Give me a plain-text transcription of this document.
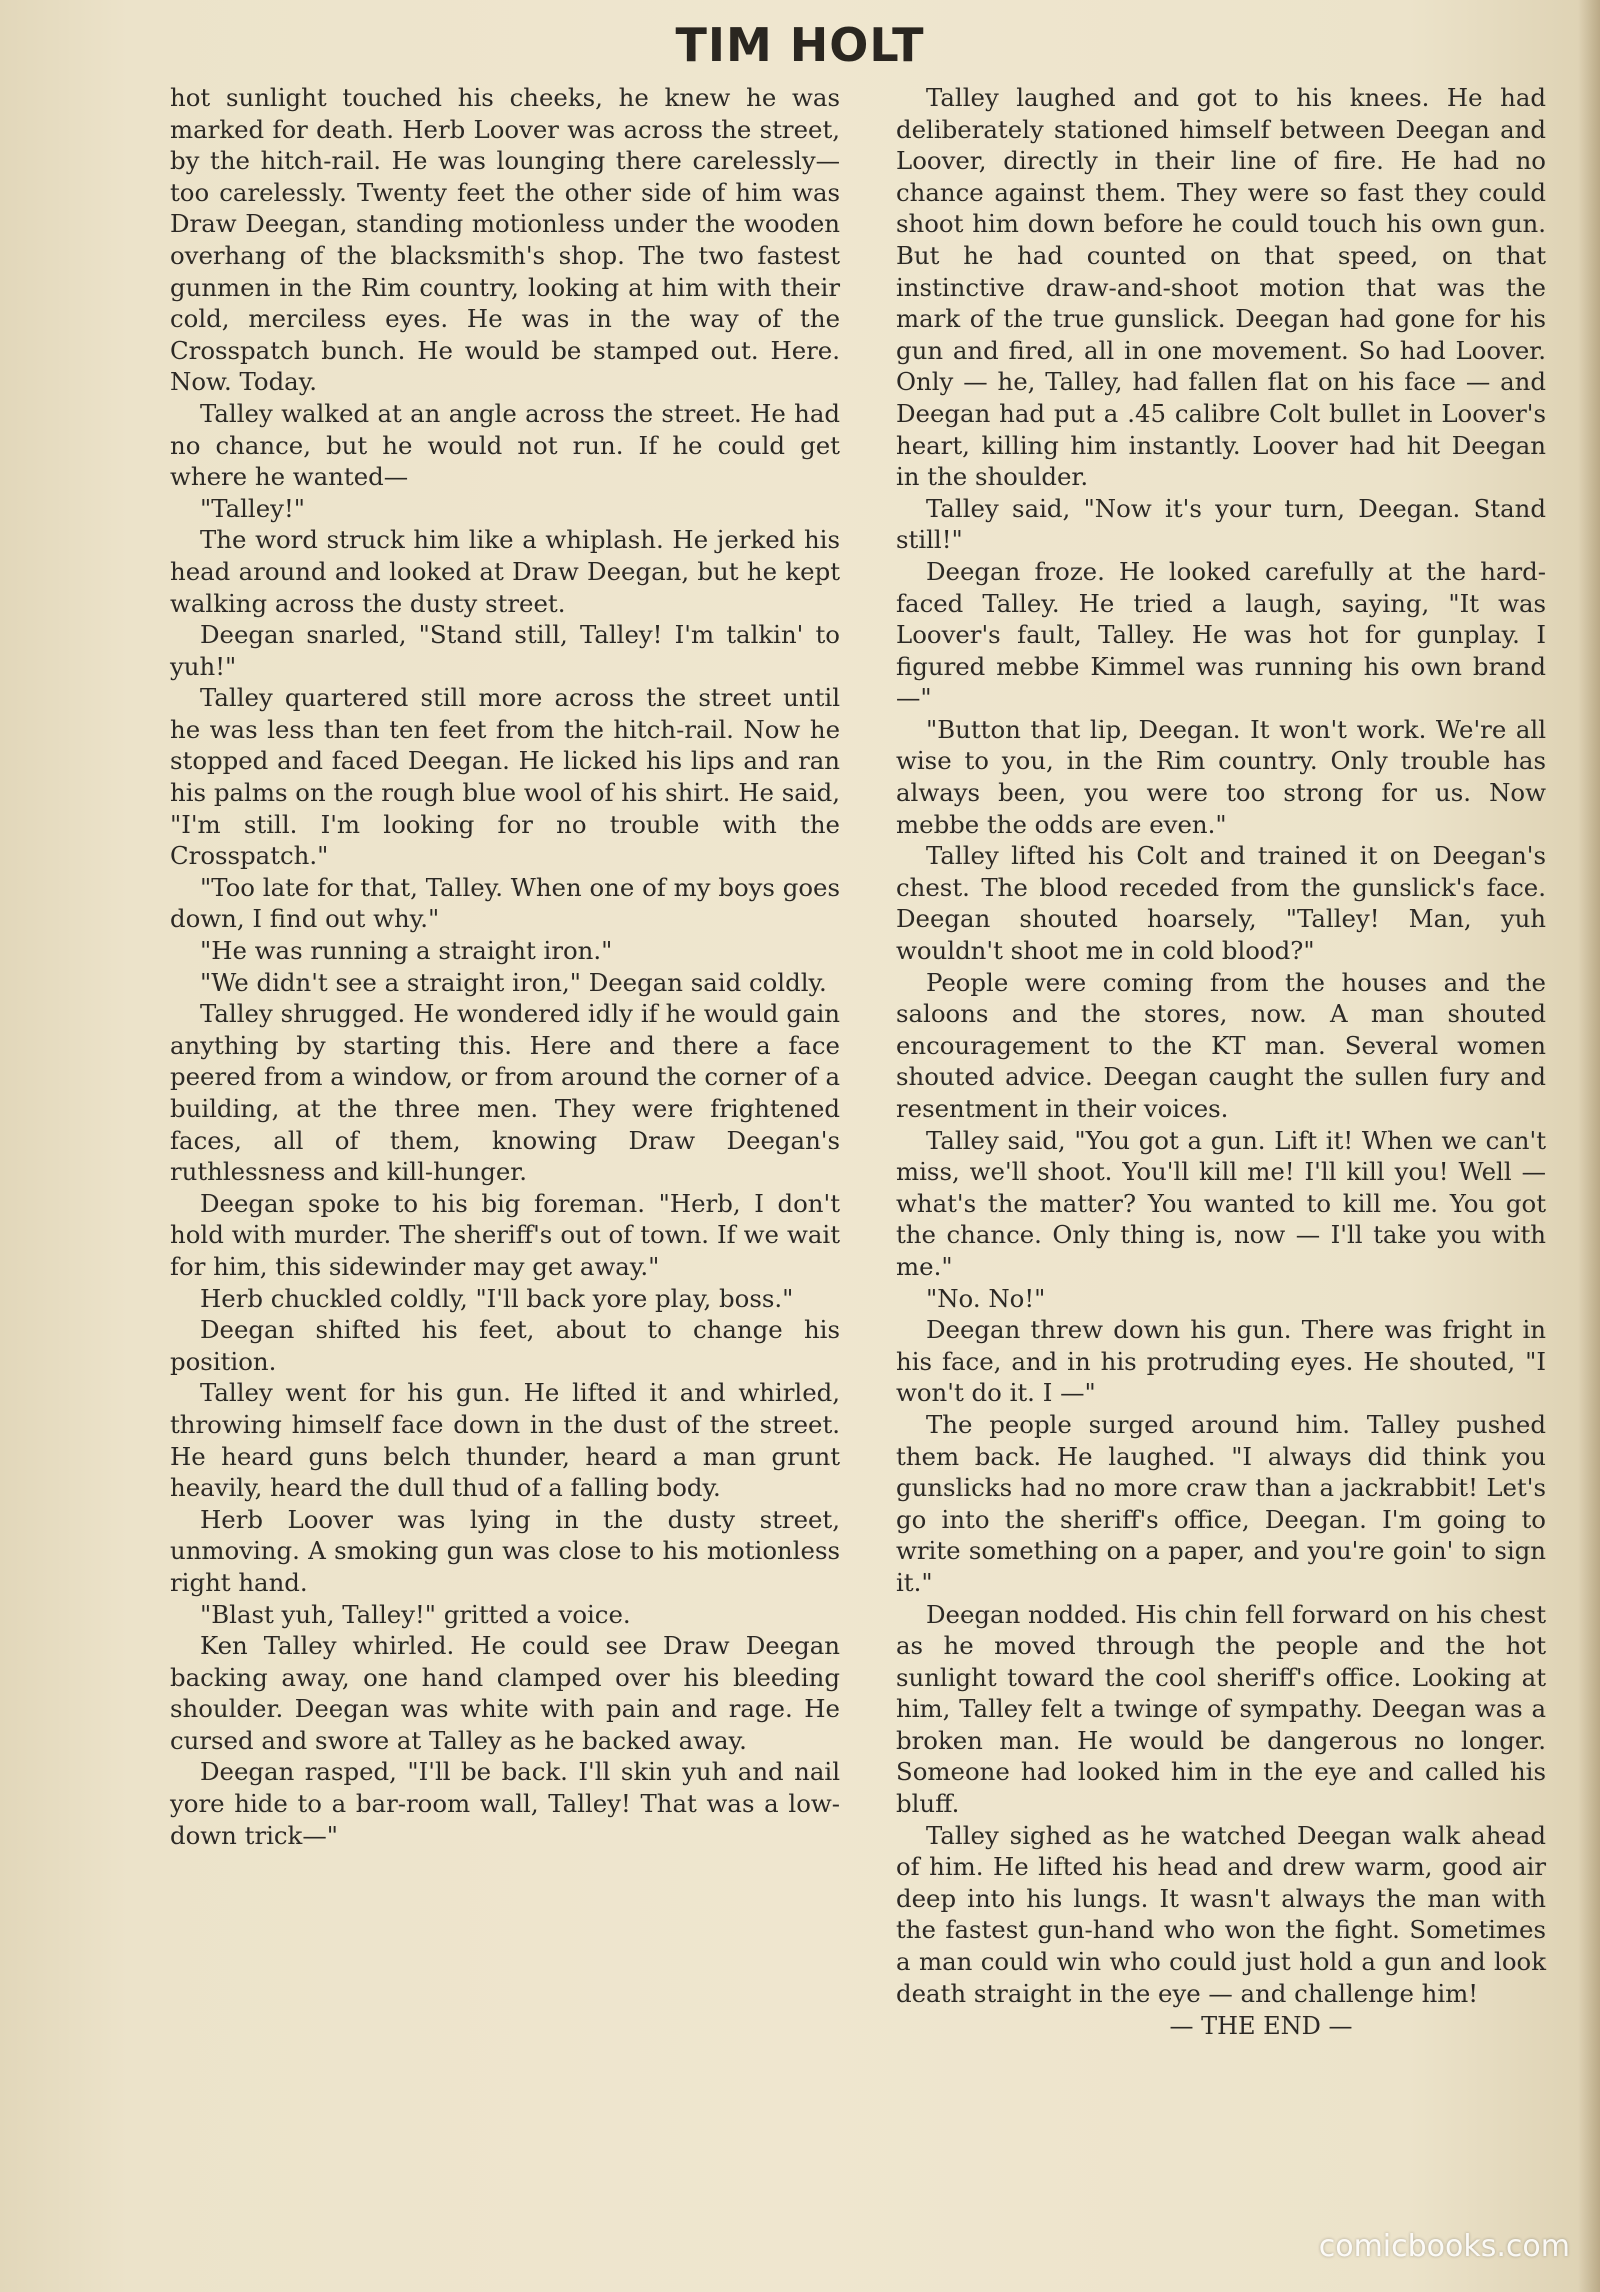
TIM HOLT

hot sunlight touched his cheeks, he knew he was marked for death. Herb Loover was across the street, by the hitch-rail. He was lounging there carelessly—too carelessly. Twenty feet the other side of him was Draw Deegan, standing motionless under the wooden overhang of the blacksmith's shop. The two fastest gunmen in the Rim country, looking at him with their cold, merciless eyes. He was in the way of the Crosspatch bunch. He would be stamped out. Here. Now. Today.

Talley walked at an angle across the street. He had no chance, but he would not run. If he could get where he wanted—

"Talley!"

The word struck him like a whiplash. He jerked his head around and looked at Draw Deegan, but he kept walking across the dusty street.

Deegan snarled, "Stand still, Talley! I'm talkin' to yuh!"

Talley quartered still more across the street until he was less than ten feet from the hitch-rail. Now he stopped and faced Deegan. He licked his lips and ran his palms on the rough blue wool of his shirt. He said, "I'm still. I'm looking for no trouble with the Crosspatch."

"Too late for that, Talley. When one of my boys goes down, I find out why."

"He was running a straight iron."

"We didn't see a straight iron," Deegan said coldly.

Talley shrugged. He wondered idly if he would gain anything by starting this. Here and there a face peered from a window, or from around the corner of a building, at the three men. They were frightened faces, all of them, knowing Draw Deegan's ruthlessness and kill-hunger.

Deegan spoke to his big foreman. "Herb, I don't hold with murder. The sheriff's out of town. If we wait for him, this sidewinder may get away."

Herb chuckled coldly, "I'll back yore play, boss."

Deegan shifted his feet, about to change his position.

Talley went for his gun. He lifted it and whirled, throwing himself face down in the dust of the street. He heard guns belch thunder, heard a man grunt heavily, heard the dull thud of a falling body.

Herb Loover was lying in the dusty street, unmoving. A smoking gun was close to his motionless right hand.

"Blast yuh, Talley!" gritted a voice.

Ken Talley whirled. He could see Draw Deegan backing away, one hand clamped over his bleeding shoulder. Deegan was white with pain and rage. He cursed and swore at Talley as he backed away.

Deegan rasped, "I'll be back. I'll skin yuh and nail yore hide to a bar-room wall, Talley! That was a low-down trick—"

Talley laughed and got to his knees. He had deliberately stationed himself between Deegan and Loover, directly in their line of fire. He had no chance against them. They were so fast they could shoot him down before he could touch his own gun. But he had counted on that speed, on that instinctive draw-and-shoot motion that was the mark of the true gunslick. Deegan had gone for his gun and fired, all in one movement. So had Loover. Only — he, Talley, had fallen flat on his face — and Deegan had put a .45 calibre Colt bullet in Loover's heart, killing him instantly. Loover had hit Deegan in the shoulder.

Talley said, "Now it's your turn, Deegan. Stand still!"

Deegan froze. He looked carefully at the hard-faced Talley. He tried a laugh, saying, "It was Loover's fault, Talley. He was hot for gunplay. I figured mebbe Kimmel was running his own brand —"

"Button that lip, Deegan. It won't work. We're all wise to you, in the Rim country. Only trouble has always been, you were too strong for us. Now mebbe the odds are even."

Talley lifted his Colt and trained it on Deegan's chest. The blood receded from the gunslick's face. Deegan shouted hoarsely, "Talley! Man, yuh wouldn't shoot me in cold blood?"

People were coming from the houses and the saloons and the stores, now. A man shouted encouragement to the KT man. Several women shouted advice. Deegan caught the sullen fury and resentment in their voices.

Talley said, "You got a gun. Lift it! When we can't miss, we'll shoot. You'll kill me! I'll kill you! Well — what's the matter? You wanted to kill me. You got the chance. Only thing is, now — I'll take you with me."

"No. No!"

Deegan threw down his gun. There was fright in his face, and in his protruding eyes. He shouted, "I won't do it. I —"

The people surged around him. Talley pushed them back. He laughed. "I always did think you gunslicks had no more craw than a jackrabbit! Let's go into the sheriff's office, Deegan. I'm going to write something on a paper, and you're goin' to sign it."

Deegan nodded. His chin fell forward on his chest as he moved through the people and the hot sunlight toward the cool sheriff's office. Looking at him, Talley felt a twinge of sympathy. Deegan was a broken man. He would be dangerous no longer. Someone had looked him in the eye and called his bluff.

Talley sighed as he watched Deegan walk ahead of him. He lifted his head and drew warm, good air deep into his lungs. It wasn't always the man with the fastest gun-hand who won the fight. Sometimes a man could win who could just hold a gun and look death straight in the eye — and challenge him!

— THE END —
comicbooks.com
